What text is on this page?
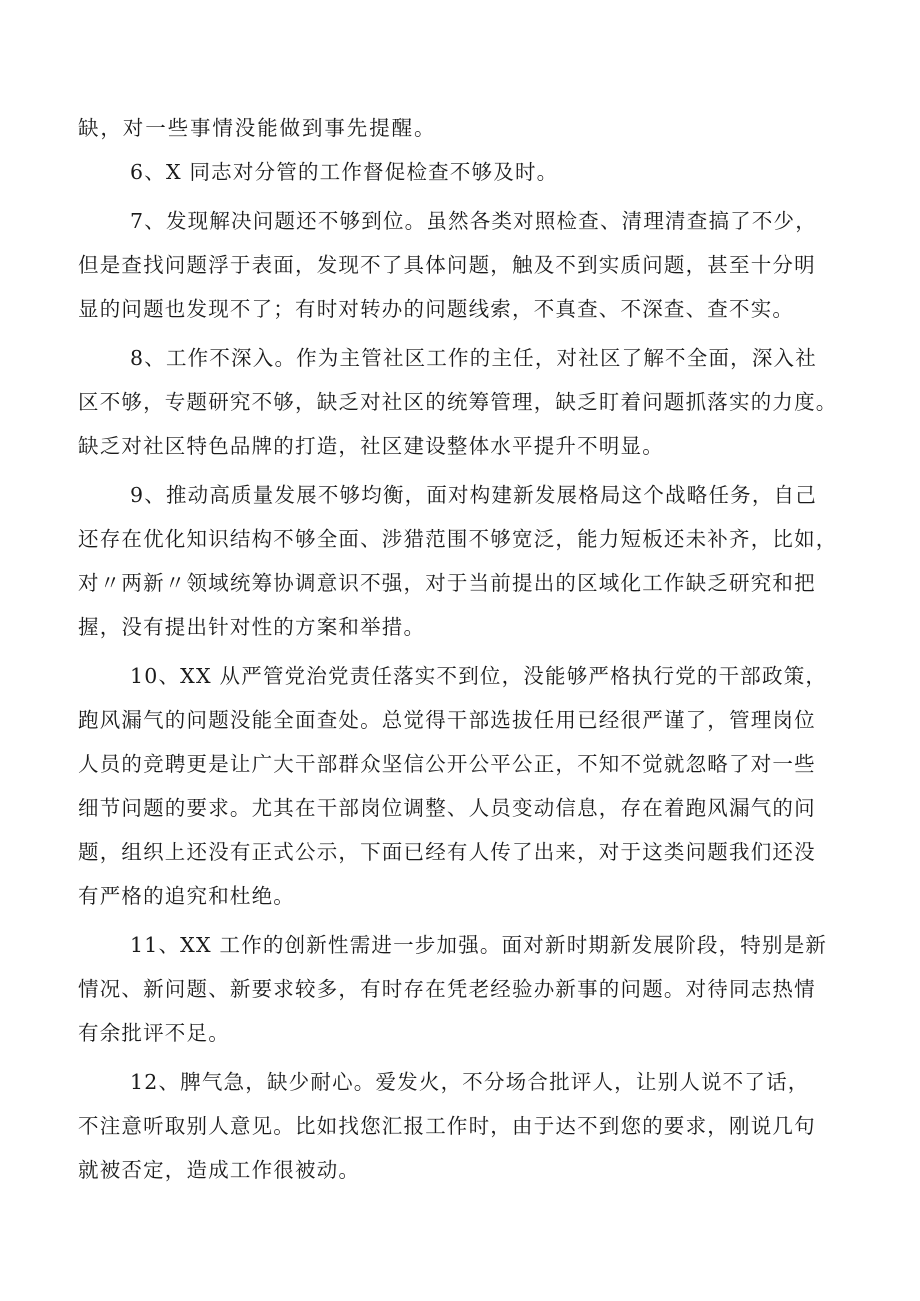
缺，对一些事情没能做到事先提醒。
6、X 同志对分管的工作督促检查不够及时。
7、发现解决问题还不够到位。虽然各类对照检查、清理清查搞了不少，
但是查找问题浮于表面，发现不了具体问题，触及不到实质问题，甚至十分明
显的问题也发现不了；有时对转办的问题线索，不真查、不深查、查不实。
8、工作不深入。作为主管社区工作的主任，对社区了解不全面，深入社
区不够，专题研究不够，缺乏对社区的统筹管理，缺乏盯着问题抓落实的力度。
缺乏对社区特色品牌的打造，社区建设整体水平提升不明显。
9、推动高质量发展不够均衡，面对构建新发展格局这个战略任务，自己
还存在优化知识结构不够全面、涉猎范围不够宽泛，能力短板还未补齐，比如，
对〃两新〃领域统筹协调意识不强，对于当前提出的区域化工作缺乏研究和把
握，没有提出针对性的方案和举措。
10、XX 从严管党治党责任落实不到位，没能够严格执行党的干部政策，
跑风漏气的问题没能全面查处。总觉得干部选拔任用已经很严谨了，管理岗位
人员的竞聘更是让广大干部群众坚信公开公平公正，不知不觉就忽略了对一些
细节问题的要求。尤其在干部岗位调整、人员变动信息，存在着跑风漏气的问
题，组织上还没有正式公示，下面已经有人传了出来，对于这类问题我们还没
有严格的追究和杜绝。
11、XX 工作的创新性需进一步加强。面对新时期新发展阶段，特别是新
情况、新问题、新要求较多，有时存在凭老经验办新事的问题。对待同志热情
有余批评不足。
12、脾气急，缺少耐心。爱发火，不分场合批评人，让别人说不了话，
不注意听取别人意见。比如找您汇报工作时，由于达不到您的要求，刚说几句
就被否定，造成工作很被动。
